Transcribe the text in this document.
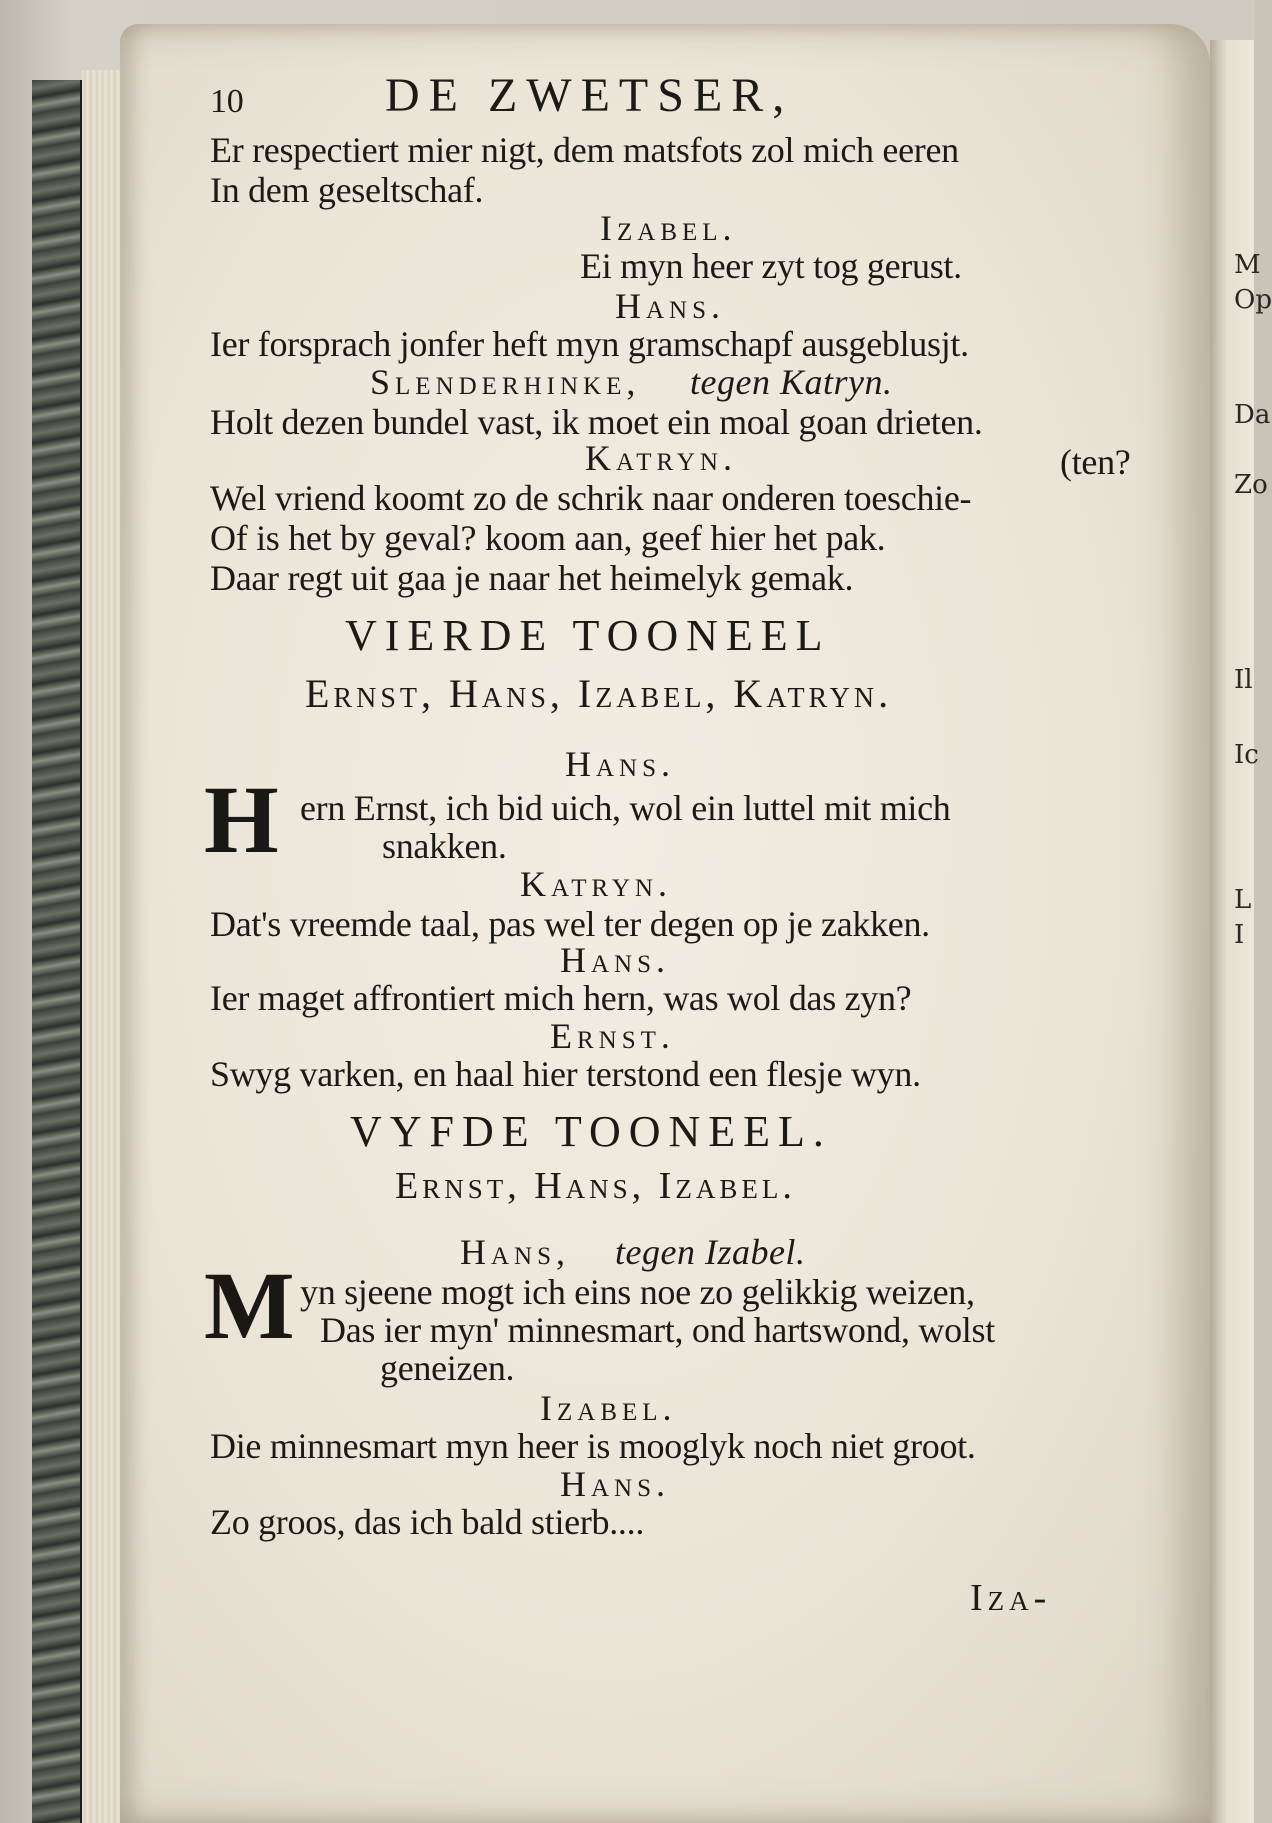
M
Op
Da
Zo
Il
Ic
L
I
10	DE ZWETSER,
Er respectiert mier nigt, dem matsfots zol mich eeren
In dem geseltschaf.
Izabel.
Ei myn heer zyt tog gerust.
Hans.
Ier forsprach jonfer heft myn gramschapf ausgeblusjt.
Slenderhinke, tegen Katryn.
Holt dezen bundel vast, ik moet ein moal goan drieten.
Katryn.	(ten?
Wel vriend koomt zo de schrik naar onderen toeschie-
Of is het by geval? koom aan, geef hier het pak.
Daar regt uit gaa je naar het heimelyk gemak.
VIERDE TOONEEL
Ernst, Hans, Izabel, Katryn.
Hans.
H ern Ernst, ich bid uich, wol ein luttel mit mich
snakken.
Katryn.
Dat's vreemde taal, pas wel ter degen op je zakken.
Hans.
Ier maget affrontiert mich hern, was wol das zyn?
Ernst.
Swyg varken, en haal hier terstond een flesje wyn.
VYFDE TOONEEL.
Ernst, Hans, Izabel.
Hans, tegen Izabel.
M yn sjeene mogt ich eins noe zo gelikkig weizen,
Das ier myn' minnesmart, ond hartswond, wolst
geneizen.
Izabel.
Die minnesmart myn heer is mooglyk noch niet groot.
Hans.
Zo groos, das ich bald stierb....
Iza-
